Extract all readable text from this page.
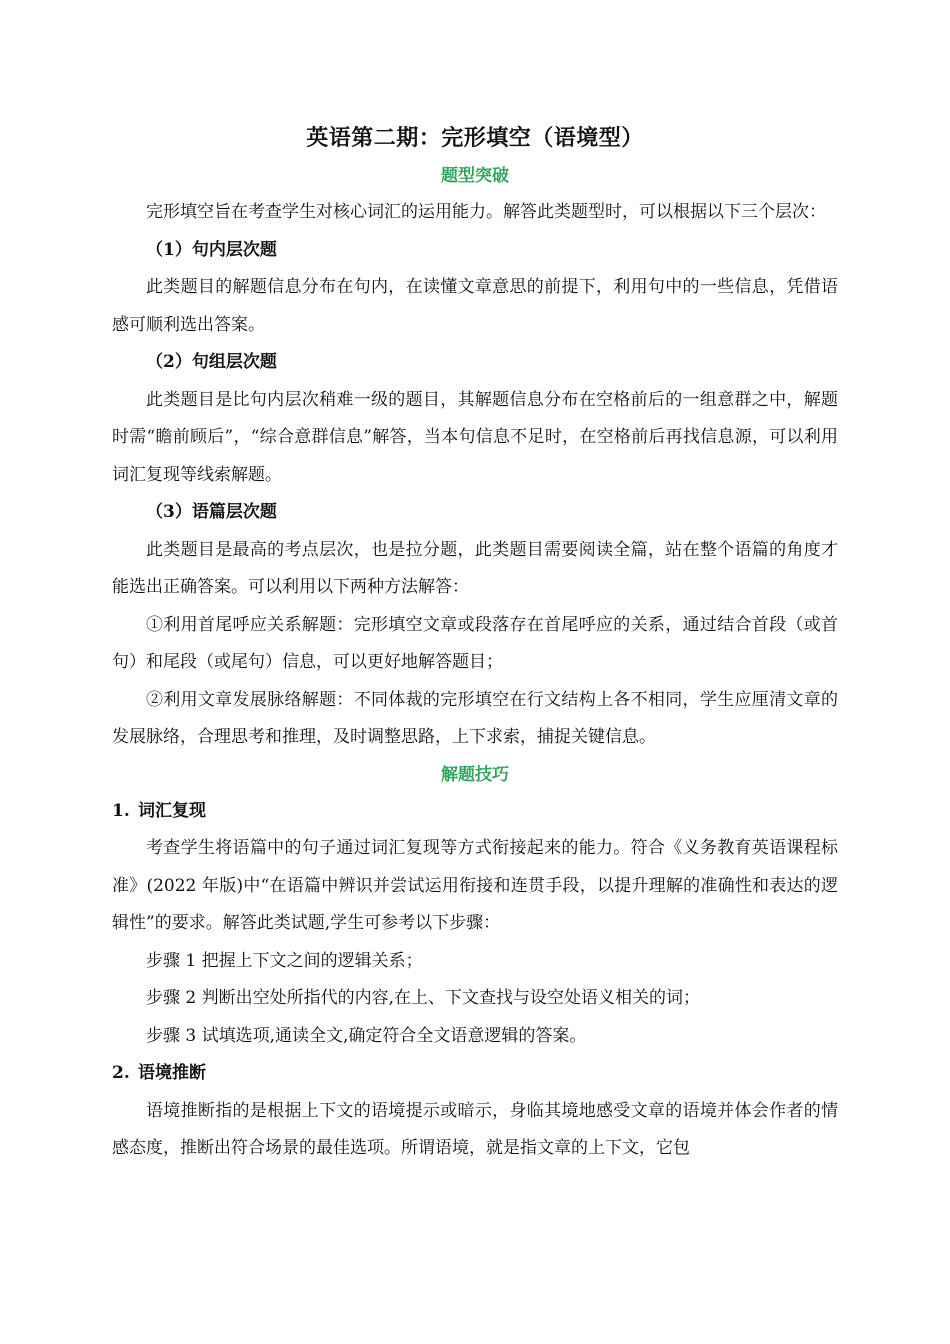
英语第二期：完形填空（语境型）
题型突破

完形填空旨在考查学生对核心词汇的运用能力。解答此类题型时，可以根据以下三个层次：

（1）句内层次题

此类题目的解题信息分布在句内，在读懂文章意思的前提下，利用句中的一些信息，凭借语感可顺利选出答案。

（2）句组层次题

此类题目是比句内层次稍难一级的题目，其解题信息分布在空格前后的一组意群之中，解题时需“瞻前顾后”，“综合意群信息”解答，当本句信息不足时，在空格前后再找信息源，可以利用词汇复现等线索解题。

（3）语篇层次题

此类题目是最高的考点层次，也是拉分题，此类题目需要阅读全篇，站在整个语篇的角度才能选出正确答案。可以利用以下两种方法解答：

①利用首尾呼应关系解题：完形填空文章或段落存在首尾呼应的关系，通过结合首段（或首句）和尾段（或尾句）信息，可以更好地解答题目；

②利用文章发展脉络解题：不同体裁的完形填空在行文结构上各不相同，学生应厘清文章的发展脉络，合理思考和推理，及时调整思路，上下求索，捕捉关键信息。

解题技巧
1. 词汇复现

考查学生将语篇中的句子通过词汇复现等方式衔接起来的能力。符合《义务教育英语课程标准》(2022 年版)中“在语篇中辨识并尝试运用衔接和连贯手段，以提升理解的准确性和表达的逻辑性”的要求。解答此类试题,学生可参考以下步骤：

步骤 1 把握上下文之间的逻辑关系；

步骤 2 判断出空处所指代的内容,在上、下文查找与设空处语义相关的词；

步骤 3 试填选项,通读全文,确定符合全文语意逻辑的答案。

2. 语境推断

语境推断指的是根据上下文的语境提示或暗示，身临其境地感受文章的语境并体会作者的情感态度，推断出符合场景的最佳选项。所谓语境，就是指文章的上下文，它包
